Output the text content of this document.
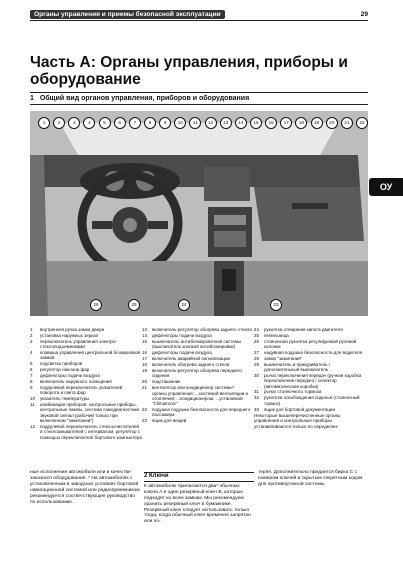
Органы управления и приемы безопасной эксплуатации	29
Часть А: Органы управления, приборы и оборудование
1 Общий вид органов управления, приборов и оборудования
ОУ
1	2	3	4	5	6	7	8	9	10	11	12	13	14	15	16	17	18	19	20	21	22
26	25	24	23
1	внутренняя ручка замка двери
2	установка наружных зеркал
3	переключатель управления электро-стеклоподъемниками
4	клавиша управления центральной блокировкой замков
5	подсветка приборов
6	регулятор наклона фар
7	дефлекторы подачи воздуха
8	включатель наружного освещения
9	подрулевой переключатель указателей поворота и света фар
10	указатель температуры
11	комбинация приборов: контрольные приборы, контрольные лампы, система самодиагностики
звуковой сигнал (рабочий только при включенном "зажигании")
12	подрулевой переключатель стеклоочистителей и стеклоомывателей с интервалом, регулятор с помощью переключателя бортового компьютера
13	включатель-регулятор обогрева заднего стекла
14	дефлекторы подачи воздуха
15	выключатель антиблокировочной системы (выключатель кнопкой антиблокировки)
16	дефлекторы подачи воздуха
17	включатель аварийной сигнализации
18	включатель обогрева заднего стекла
19	включатель-регулятор обогрева переднего сидения
20	подстаканник
21	вентилятор или кондиционер системы*
органы управления: ...системой вентиляции и отопления; ...кондиционером; ...установкой "Climatronic"
22	подушка подушки безопасности для переднего пассажира
23	ящик для вещей
24	рукоятка отпирания капота двигателя
25	пепельница
26	стояночная рукоятка регулируемой рулевой колонки
27	надувная подушка безопасности для водителя
28	замок "зажигания"
29	выключатель и прикуриватель / дополнительный выключатель
30	рычаг переключения передач (ручная коробка переключения передач) / селектор (автоматическая коробка)
31	рычаг стояночного тормоза
32	рукоятка освобождения сиденья (стояночный тормоз)
33	ящик для бортовой документации
Некоторые вышеперечисленные органы управления и контрольные приборы устанавливаются только по определен-
ные исполнения автомобиля или в качестве заказного оборудования. * На автомобилях с установленным в заводских условиях бортовой навигационной системой или радиоприемником рекомендуется соответствующее руководство по использованию.
2 Ключи
К автомобилю прилагаются два* обычных ключа A и один резервный ключ B, которые подходят ко всем замкам. Мы рекомендуем хранить резервный ключ в бумажнике. Резервный ключ следует использовать только тогда, когда обычный ключ временно запрятан или по-
теряя. Дополнительно придается бирка C с номером ключей и скрытым секретным кодом для противоугонной системы.
